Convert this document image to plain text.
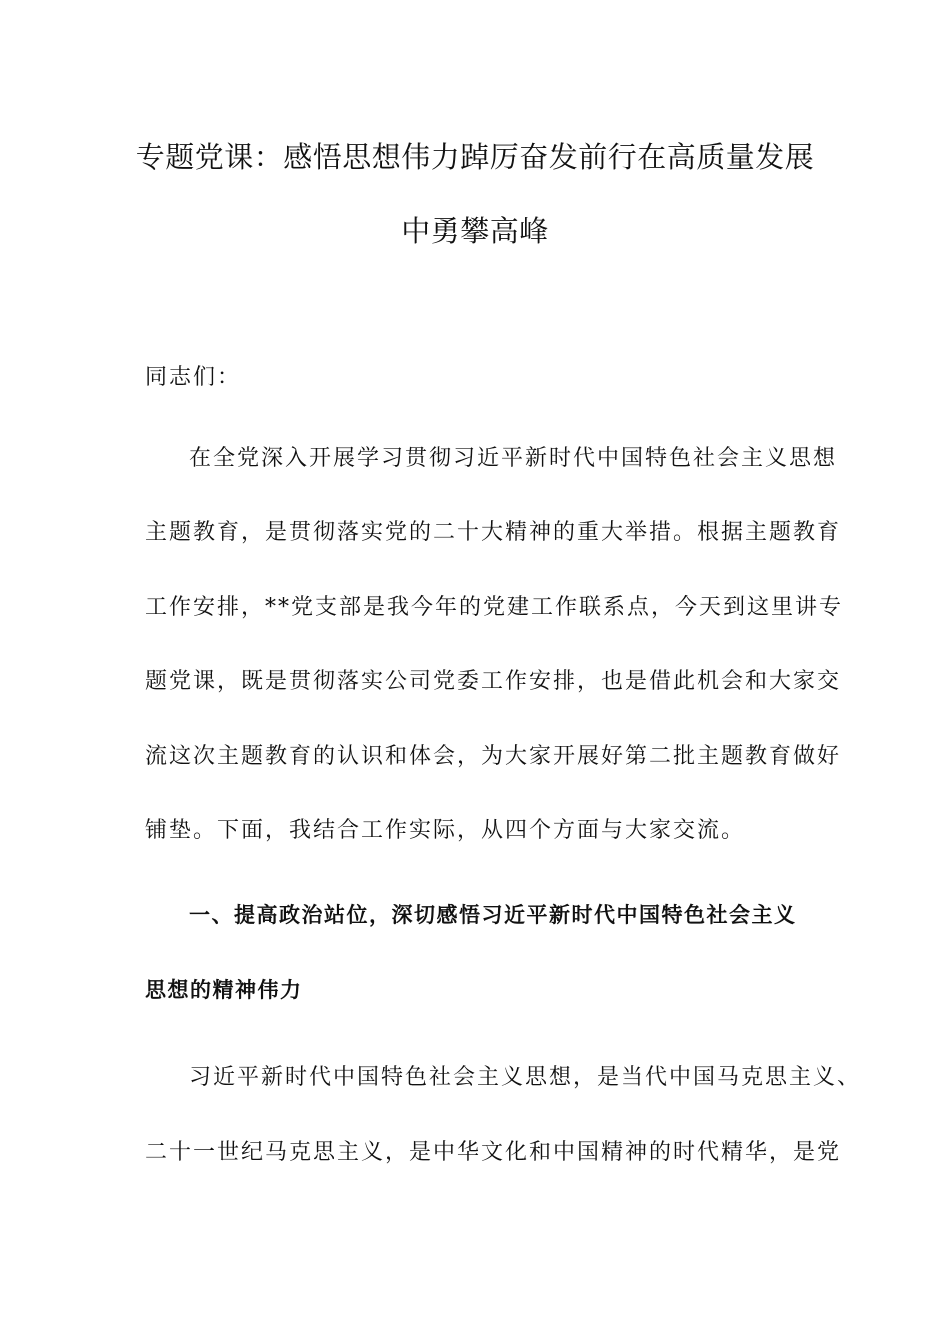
专题党课：感悟思想伟力踔厉奋发前行在高质量发展
中勇攀高峰
同志们：
在全党深入开展学习贯彻习近平新时代中国特色社会主义思想
主题教育，是贯彻落实党的二十大精神的重大举措。根据主题教育
工作安排，**党支部是我今年的党建工作联系点，今天到这里讲专
题党课，既是贯彻落实公司党委工作安排，也是借此机会和大家交
流这次主题教育的认识和体会，为大家开展好第二批主题教育做好
铺垫。下面，我结合工作实际，从四个方面与大家交流。
一、提高政治站位，深切感悟习近平新时代中国特色社会主义
思想的精神伟力
习近平新时代中国特色社会主义思想，是当代中国马克思主义、
二十一世纪马克思主义，是中华文化和中国精神的时代精华，是党
